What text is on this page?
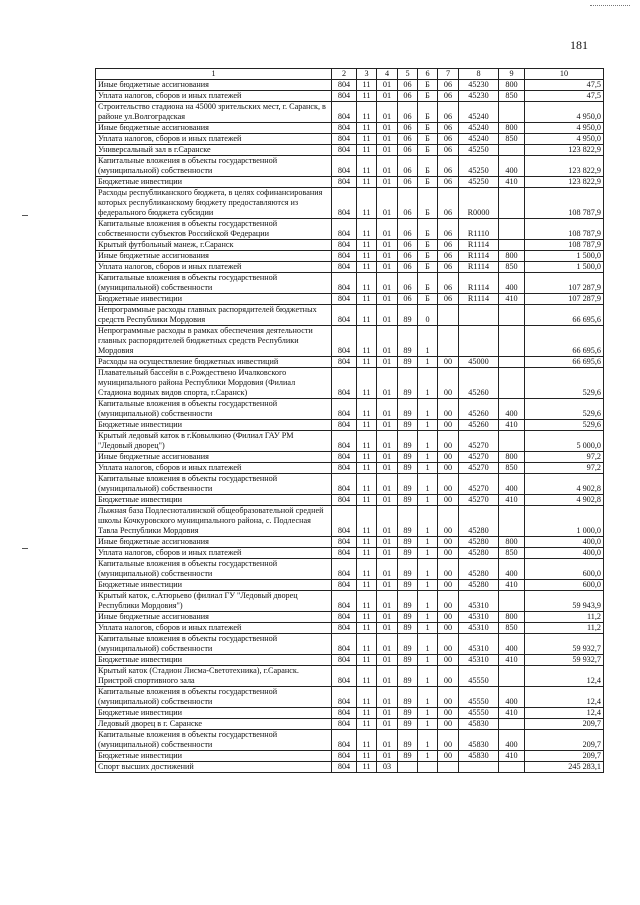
181
1	2	3	4	5	6	7	8	9	10
Иные бюджетные ассигнования	804	11	01	06	Б	06	45230	800	47,5
Уплата налогов, сборов и иных платежей	804	11	01	06	Б	06	45230	850	47,5
Строительство стадиона на 45000 зрительских мест, г. Саранск, в районе ул.Волгоградская	804	11	01	06	Б	06	45240		4 950,0
Иные бюджетные ассигнования	804	11	01	06	Б	06	45240	800	4 950,0
Уплата налогов, сборов и иных платежей	804	11	01	06	Б	06	45240	850	4 950,0
Универсальный зал в г.Саранске	804	11	01	06	Б	06	45250		123 822,9
Капитальные вложения в объекты государственной (муниципальной) собственности	804	11	01	06	Б	06	45250	400	123 822,9
Бюджетные инвестиции	804	11	01	06	Б	06	45250	410	123 822,9
Расходы республиканского бюджета, в целях софинансирования которых республиканскому бюджету предоставляются из федерального бюджета субсидии	804	11	01	06	Б	06	R0000		108 787,9
Капитальные вложения в объекты государственной собственности субъектов Российской Федерации	804	11	01	06	Б	06	R1110		108 787,9
Крытый футбольный манеж, г.Саранск	804	11	01	06	Б	06	R1114		108 787,9
Иные бюджетные ассигнования	804	11	01	06	Б	06	R1114	800	1 500,0
Уплата налогов, сборов и иных платежей	804	11	01	06	Б	06	R1114	850	1 500,0
Капитальные вложения в объекты государственной (муниципальной) собственности	804	11	01	06	Б	06	R1114	400	107 287,9
Бюджетные инвестиции	804	11	01	06	Б	06	R1114	410	107 287,9
Непрограммные расходы главных распорядителей бюджетных средств Республики Мордовия	804	11	01	89	0				66 695,6
Непрограммные расходы в рамках обеспечения деятельности главных распорядителей бюджетных средств Республики Мордовия	804	11	01	89	1				66 695,6
Расходы на осуществление бюджетных инвестиций	804	11	01	89	1	00	45000		66 695,6
Плавательный бассейн в с.Рождествено Ичалковского муниципального района Республики Мордовия (Филиал Стадиона водных видов спорта, г.Саранск)	804	11	01	89	1	00	45260		529,6
Капитальные вложения в объекты государственной (муниципальной) собственности	804	11	01	89	1	00	45260	400	529,6
Бюджетные инвестиции	804	11	01	89	1	00	45260	410	529,6
Крытый ледовый каток в г.Ковылкино (Филиал ГАУ РМ "Ледовый дворец")	804	11	01	89	1	00	45270		5 000,0
Иные бюджетные ассигнования	804	11	01	89	1	00	45270	800	97,2
Уплата налогов, сборов и иных платежей	804	11	01	89	1	00	45270	850	97,2
Капитальные вложения в объекты государственной (муниципальной) собственности	804	11	01	89	1	00	45270	400	4 902,8
Бюджетные инвестиции	804	11	01	89	1	00	45270	410	4 902,8
Лыжная база Подлесноталинской общеобразовательной средней школы Кочкуровского муниципального района, с. Подлесная Тавла Республики Мордовия	804	11	01	89	1	00	45280		1 000,0
Иные бюджетные ассигнования	804	11	01	89	1	00	45280	800	400,0
Уплата налогов, сборов и иных платежей	804	11	01	89	1	00	45280	850	400,0
Капитальные вложения в объекты государственной (муниципальной) собственности	804	11	01	89	1	00	45280	400	600,0
Бюджетные инвестиции	804	11	01	89	1	00	45280	410	600,0
Крытый каток, с.Атюрьево (филиал ГУ "Ледовый дворец Республики Мордовия")	804	11	01	89	1	00	45310		59 943,9
Иные бюджетные ассигнования	804	11	01	89	1	00	45310	800	11,2
Уплата налогов, сборов и иных платежей	804	11	01	89	1	00	45310	850	11,2
Капитальные вложения в объекты государственной (муниципальной) собственности	804	11	01	89	1	00	45310	400	59 932,7
Бюджетные инвестиции	804	11	01	89	1	00	45310	410	59 932,7
Крытый каток (Стадион Лисма-Светотехника), г.Саранск. Пристрой спортивного зала	804	11	01	89	1	00	45550		12,4
Капитальные вложения в объекты государственной (муниципальной) собственности	804	11	01	89	1	00	45550	400	12,4
Бюджетные инвестиции	804	11	01	89	1	00	45550	410	12,4
Ледовый дворец в г. Саранске	804	11	01	89	1	00	45830		209,7
Капитальные вложения в объекты государственной (муниципальной) собственности	804	11	01	89	1	00	45830	400	209,7
Бюджетные инвестиции	804	11	01	89	1	00	45830	410	209,7
Спорт высших достижений	804	11	03						245 283,1
